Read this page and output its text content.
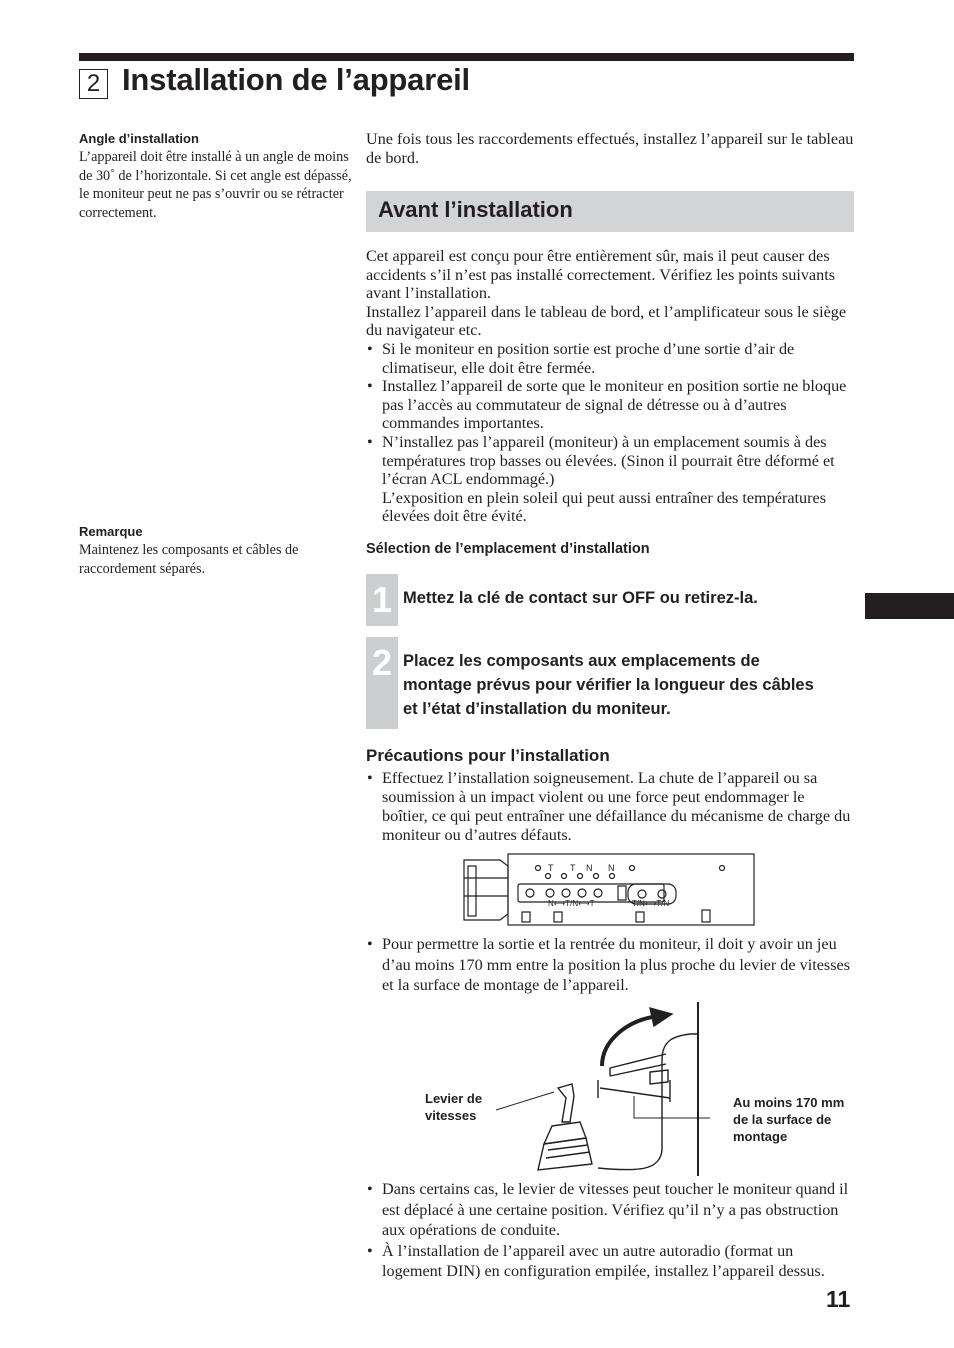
2 Installation de l’appareil
Angle d’installation
L’appareil doit être installé à un angle de moins de 30˚ de l’horizontale. Si cet angle est dépassé, le moniteur peut ne pas s’ouvrir ou se rétracter correctement.
Remarque
Maintenez les composants et câbles de raccordement séparés.
Une fois tous les raccordements effectués, installez l’appareil sur le tableau de bord.
Avant l’installation
Cet appareil est conçu pour être entièrement sûr, mais il peut causer des accidents s’il n’est pas installé correctement. Vérifiez les points suivants avant l’installation.
Installez l’appareil dans le tableau de bord, et l’amplificateur sous le siège du navigateur etc.
• Si le moniteur en position sortie est proche d’une sortie d’air de climatiseur, elle doit être fermée.
• Installez l’appareil de sorte que le moniteur en position sortie ne bloque pas l’accès au commutateur de signal de détresse ou à d’autres commandes importantes.
• N’installez pas l’appareil (moniteur) à un emplacement soumis à des températures trop basses ou élevées. (Sinon il pourrait être déformé et l’écran ACL endommagé.)
L’exposition en plein soleil qui peut aussi entraîner des températures élevées doit être évité.
Sélection de l’emplacement d’installation
1 Mettez la clé de contact sur OFF ou retirez-la.
2 Placez les composants aux emplacements de montage prévus pour vérifier la longueur des câbles et l’état d’installation du moniteur.
Précautions pour l’installation
• Effectuez l’installation soigneusement. La chute de l’appareil ou sa soumission à un impact violent ou une force peut endommager le boîtier, ce qui peut entraîner une défaillance du mécanisme de charge du moniteur ou d’autres défauts.
T T N N
N⟷T/N⟷T	T/N⟷T/N
• Pour permettre la sortie et la rentrée du moniteur, il doit y avoir un jeu d’au moins 170 mm entre la position la plus proche du levier de vitesses et la surface de montage de l’appareil.
Levier de vitesses
Au moins 170 mm de la surface de montage
• Dans certains cas, le levier de vitesses peut toucher le moniteur quand il est déplacé à une certaine position. Vérifiez qu’il n’y a pas obstruction aux opérations de conduite.
• À l’installation de l’appareil avec un autre autoradio (format un logement DIN) en configuration empilée, installez l’appareil dessus.
11
